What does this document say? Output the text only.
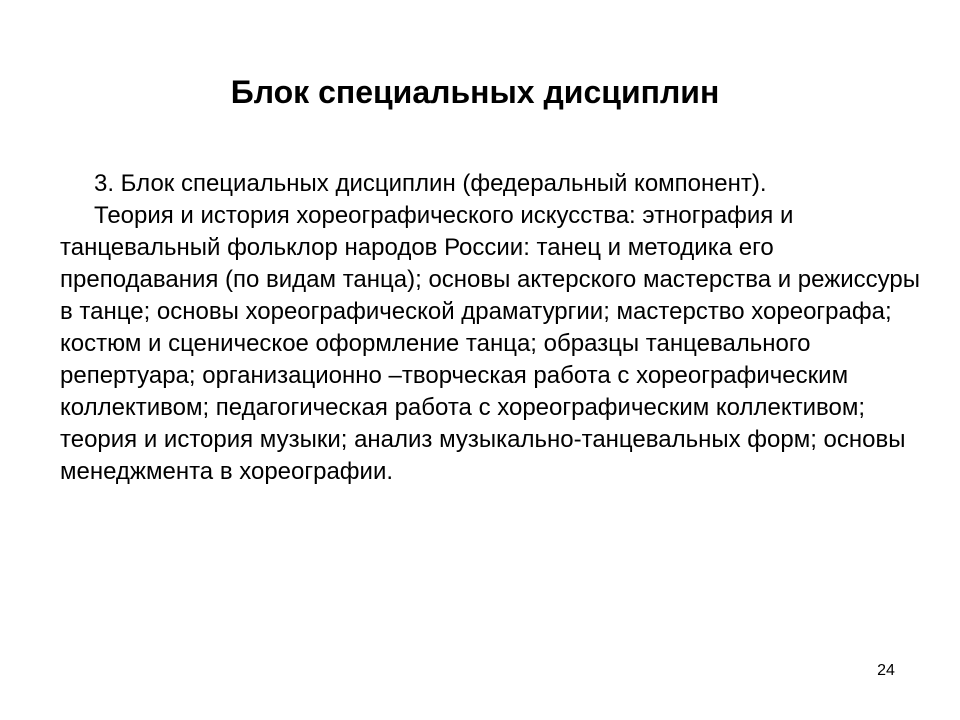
Блок специальных дисциплин

3. Блок специальных дисциплин (федеральный компонент).

Теория и история хореографического искусства: этнография и танцевальный фольклор народов России: танец и методика его преподавания (по видам танца); основы актерского мастерства и режиссуры в танце; основы хореографической драматургии; мастерство хореографа; костюм и сценическое оформление танца; образцы танцевального репертуара; организационно –творческая работа с хореографическим коллективом; педагогическая работа с хореографическим коллективом; теория и история музыки; анализ музыкально-танцевальных форм; основы менеджмента в хореографии.

24
